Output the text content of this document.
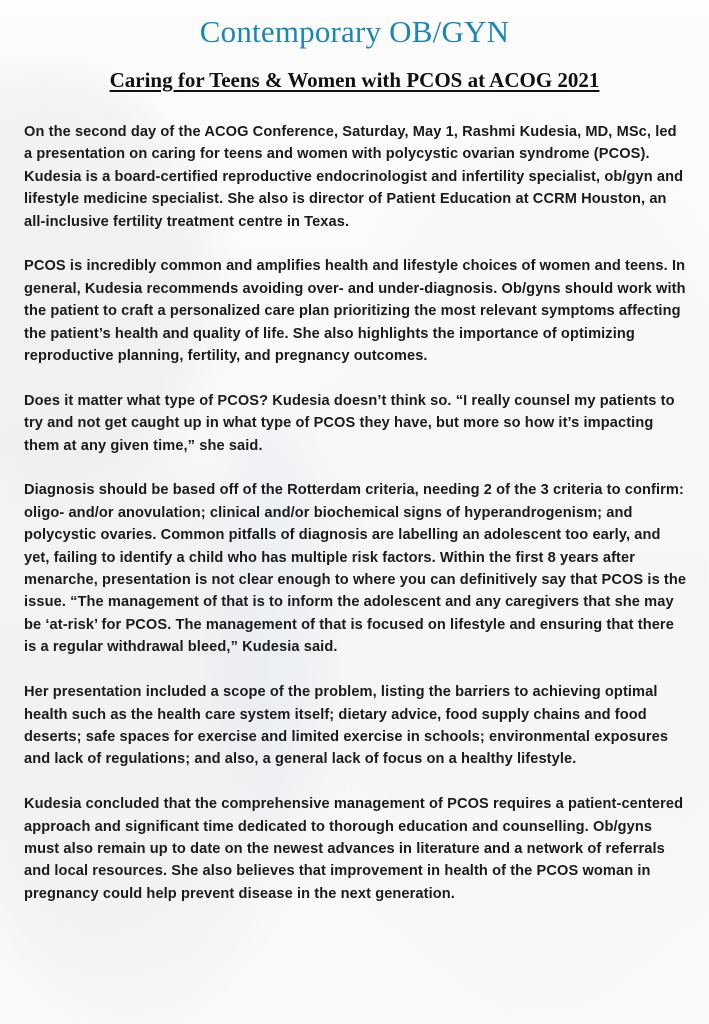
Contemporary OB/GYN
Caring for Teens & Women with PCOS at ACOG 2021

On the second day of the ACOG Conference, Saturday, May 1, Rashmi Kudesia, MD, MSc, led a presentation on caring for teens and women with polycystic ovarian syndrome (PCOS). Kudesia is a board-certified reproductive endocrinologist and infertility specialist, ob/gyn and lifestyle medicine specialist. She also is director of Patient Education at CCRM Houston, an all-inclusive fertility treatment centre in Texas.

PCOS is incredibly common and amplifies health and lifestyle choices of women and teens. In general, Kudesia recommends avoiding over- and under-diagnosis. Ob/gyns should work with the patient to craft a personalized care plan prioritizing the most relevant symptoms affecting the patient’s health and quality of life. She also highlights the importance of optimizing reproductive planning, fertility, and pregnancy outcomes.

Does it matter what type of PCOS? Kudesia doesn’t think so. “I really counsel my patients to try and not get caught up in what type of PCOS they have, but more so how it’s impacting them at any given time,” she said.

Diagnosis should be based off of the Rotterdam criteria, needing 2 of the 3 criteria to confirm: oligo- and/or anovulation; clinical and/or biochemical signs of hyperandrogenism; and polycystic ovaries. Common pitfalls of diagnosis are labelling an adolescent too early, and yet, failing to identify a child who has multiple risk factors. Within the first 8 years after menarche, presentation is not clear enough to where you can definitively say that PCOS is the issue. “The management of that is to inform the adolescent and any caregivers that she may be ‘at-risk’ for PCOS. The management of that is focused on lifestyle and ensuring that there is a regular withdrawal bleed,” Kudesia said.

Her presentation included a scope of the problem, listing the barriers to achieving optimal health such as the health care system itself; dietary advice, food supply chains and food deserts; safe spaces for exercise and limited exercise in schools; environmental exposures and lack of regulations; and also, a general lack of focus on a healthy lifestyle.

Kudesia concluded that the comprehensive management of PCOS requires a patient-centered approach and significant time dedicated to thorough education and counselling. Ob/gyns must also remain up to date on the newest advances in literature and a network of referrals and local resources. She also believes that improvement in health of the PCOS woman in pregnancy could help prevent disease in the next generation.
